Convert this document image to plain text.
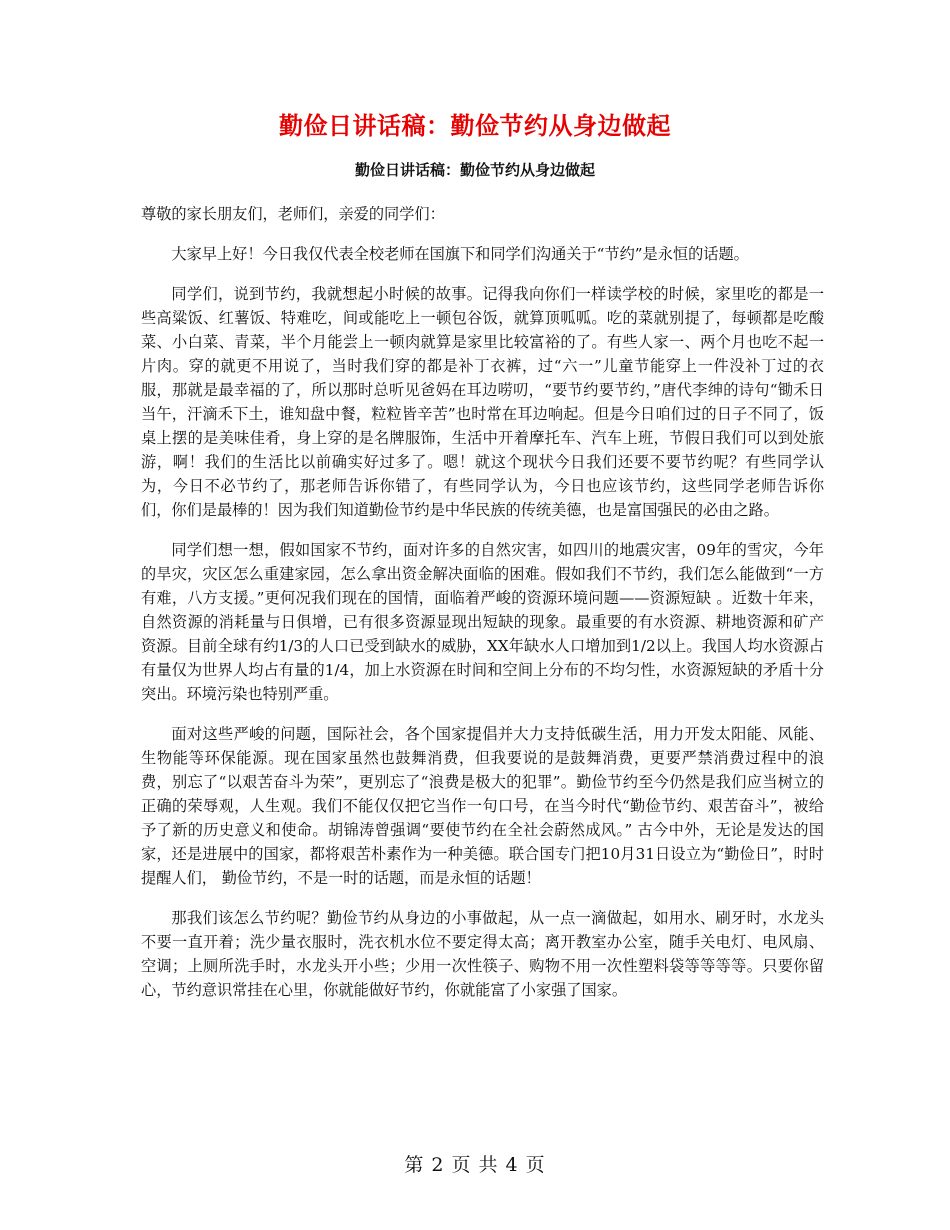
勤俭日讲话稿：勤俭节约从身边做起
勤俭日讲话稿：勤俭节约从身边做起

尊敬的家长朋友们，老师们，亲爱的同学们：

大家早上好！今日我仅代表全校老师在国旗下和同学们沟通关于“节约”是永恒的话题。

同学们，说到节约，我就想起小时候的故事。记得我向你们一样读学校的时候，家里吃的都是一些高粱饭、红薯饭、特难吃，间或能吃上一顿包谷饭，就算顶呱呱。吃的菜就别提了，每顿都是吃酸菜、小白菜、青菜，半个月能尝上一顿肉就算是家里比较富裕的了。有些人家一、两个月也吃不起一片肉。穿的就更不用说了，当时我们穿的都是补丁衣裤，过“六一”儿童节能穿上一件没补丁过的衣服，那就是最幸福的了，所以那时总听见爸妈在耳边唠叨，“要节约要节约，”唐代李绅的诗句“锄禾日当午，汗滴禾下土，谁知盘中餐，粒粒皆辛苦”也时常在耳边响起。但是今日咱们过的日子不同了，饭桌上摆的是美味佳肴，身上穿的是名牌服饰，生活中开着摩托车、汽车上班，节假日我们可以到处旅游，啊！我们的生活比以前确实好过多了。嗯！就这个现状今日我们还要不要节约呢？有些同学认为，今日不必节约了，那老师告诉你错了，有些同学认为，今日也应该节约，这些同学老师告诉你们，你们是最棒的！因为我们知道勤俭节约是中华民族的传统美德，也是富国强民的必由之路。

同学们想一想，假如国家不节约，面对许多的自然灾害，如四川的地震灾害，09年的雪灾，今年的旱灾，灾区怎么重建家园，怎么拿出资金解决面临的困难。假如我们不节约，我们怎么能做到“一方有难，八方支援。”更何况我们现在的国情，面临着严峻的资源环境问题——资源短缺 。近数十年来，自然资源的消耗量与日俱增，已有很多资源显现出短缺的现象。最重要的有水资源、耕地资源和矿产资源。目前全球有约1/3的人口已受到缺水的威胁，XX年缺水人口增加到1/2以上。我国人均水资源占有量仅为世界人均占有量的1/4，加上水资源在时间和空间上分布的不均匀性，水资源短缺的矛盾十分突出。环境污染也特别严重。

面对这些严峻的问题，国际社会，各个国家提倡并大力支持低碳生活，用力开发太阳能、风能、生物能等环保能源。现在国家虽然也鼓舞消费，但我要说的是鼓舞消费，更要严禁消费过程中的浪费，别忘了“以艰苦奋斗为荣”，更别忘了“浪费是极大的犯罪”。勤俭节约至今仍然是我们应当树立的正确的荣辱观，人生观。我们不能仅仅把它当作一句口号，在当今时代“勤俭节约、艰苦奋斗”，被给予了新的历史意义和使命。胡锦涛曾强调“要使节约在全社会蔚然成风。” 古今中外，无论是发达的国家，还是进展中的国家，都将艰苦朴素作为一种美德。联合国专门把10月31日设立为“勤俭日”，时时提醒人们， 勤俭节约，不是一时的话题，而是永恒的话题！

那我们该怎么节约呢？勤俭节约从身边的小事做起，从一点一滴做起，如用水、刷牙时，水龙头不要一直开着；洗少量衣服时，洗衣机水位不要定得太高；离开教室办公室，随手关电灯、电风扇、空调；上厕所洗手时，水龙头开小些；少用一次性筷子、购物不用一次性塑料袋等等等等。只要你留心，节约意识常挂在心里，你就能做好节约，你就能富了小家强了国家。

第 2 页 共 4 页
